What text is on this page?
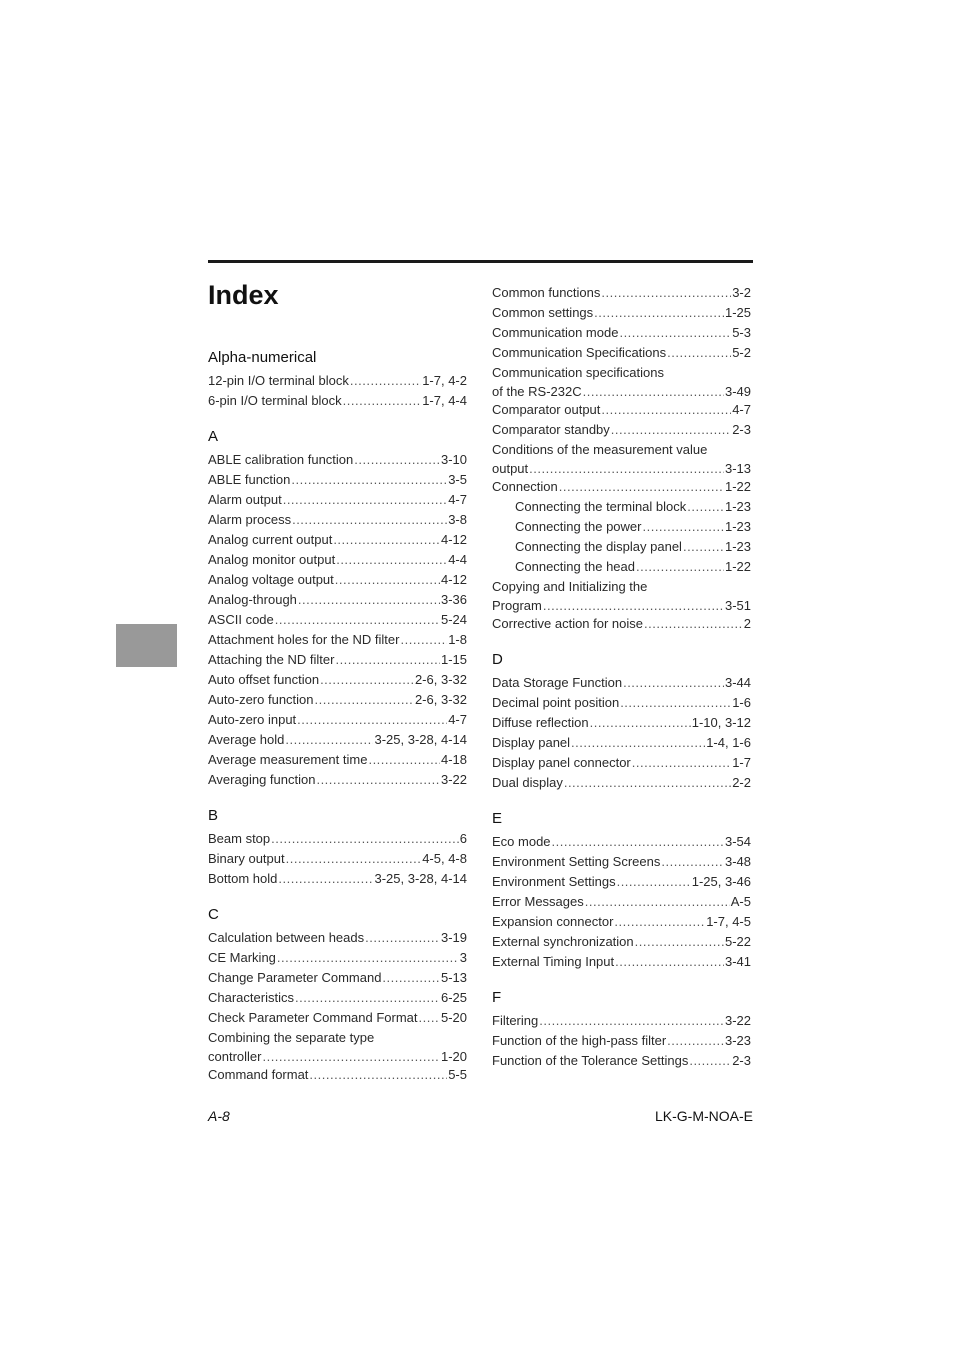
Index
Alpha-numerical
12-pin I/O terminal block .....	1-7, 4-2
6-pin I/O terminal block .....	1-7, 4-4
A
ABLE calibration function .....	3-10
ABLE function .....	3-5
Alarm output .....	4-7
Alarm process .....	3-8
Analog current output .....	4-12
Analog monitor output .....	4-4
Analog voltage output .....	4-12
Analog-through .....	3-36
ASCII code .....	5-24
Attachment holes for the ND filter .....	1-8
Attaching the ND filter .....	1-15
Auto offset function .....	2-6, 3-32
Auto-zero function .....	2-6, 3-32
Auto-zero input .....	4-7
Average hold .....	3-25, 3-28, 4-14
Average measurement time .....	4-18
Averaging function .....	3-22
B
Beam stop .....	6
Binary output .....	4-5, 4-8
Bottom hold .....	3-25, 3-28, 4-14
C
Calculation between heads .....	3-19
CE Marking .....	3
Change Parameter Command .....	5-13
Characteristics .....	6-25
Check Parameter Command Format ..... 5-20
Combining the separate type
controller .....	1-20
Command format .....	5-5
Common functions .....	3-2
Common settings .....	1-25
Communication mode .....	5-3
Communication Specifications .....	5-2
Communication specifications
of the RS-232C .....	3-49
Comparator output .....	4-7
Comparator standby .....	2-3
Conditions of the measurement value
output .....	3-13
Connection .....	1-22
Connecting the terminal block .....	1-23
Connecting the power .....	1-23
Connecting the display panel .....	1-23
Connecting the head .....	1-22
Copying and Initializing the
Program .....	3-51
Corrective action for noise .....	2
D
Data Storage Function .....	3-44
Decimal point position .....	1-6
Diffuse reflection .....	1-10, 3-12
Display panel .....	1-4, 1-6
Display panel connector .....	1-7
Dual display .....	2-2
E
Eco mode .....	3-54
Environment Setting Screens .....	3-48
Environment Settings .....	1-25, 3-46
Error Messages .....	A-5
Expansion connector .....	1-7, 4-5
External synchronization .....	5-22
External Timing Input .....	3-41
F
Filtering .....	3-22
Function of the high-pass filter .....	3-23
Function of the Tolerance Settings .....	2-3
A-8	LK-G-M-NOA-E
